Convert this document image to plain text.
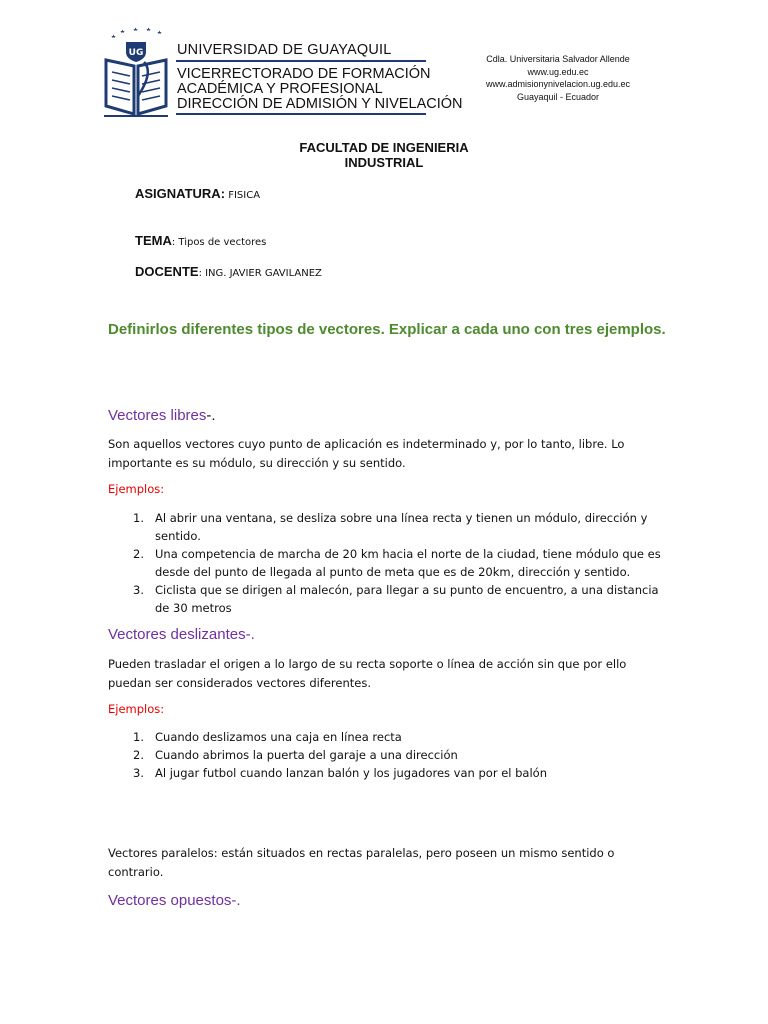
UG UNIVERSIDAD DE GUAYAQUIL
VICERRECTORADO DE FORMACIÓN
ACADÉMICA Y PROFESIONAL
DIRECCIÓN DE ADMISIÓN Y NIVELACIÓN
Cdla. Universitaria Salvador Allende
www.ug.edu.ec
www.admisionynivelacion.ug.edu.ec
Guayaquil - Ecuador
FACULTAD DE INGENIERIA
INDUSTRIAL
ASIGNATURA: FISICA
TEMA: Tipos de vectores
DOCENTE: ING. JAVIER GAVILANEZ
Definirlos diferentes tipos de vectores. Explicar a cada uno con tres ejemplos.
Vectores libres-.
Son aquellos vectores cuyo punto de aplicación es indeterminado y, por lo tanto, libre. Lo importante es su módulo, su dirección y su sentido.
Ejemplos:
1. Al abrir una ventana, se desliza sobre una línea recta y tienen un módulo, dirección y sentido.
2. Una competencia de marcha de 20 km hacia el norte de la ciudad, tiene módulo que es desde del punto de llegada al punto de meta que es de 20km, dirección y sentido.
3. Ciclista que se dirigen al malecón, para llegar a su punto de encuentro, a una distancia de 30 metros
Vectores deslizantes-.
Pueden trasladar el origen a lo largo de su recta soporte o línea de acción sin que por ello puedan ser considerados vectores diferentes.
Ejemplos:
1. Cuando deslizamos una caja en línea recta
2. Cuando abrimos la puerta del garaje a una dirección
3. Al jugar futbol cuando lanzan balón y los jugadores van por el balón
Vectores paralelos: están situados en rectas paralelas, pero poseen un mismo sentido o contrario.
Vectores opuestos-.
